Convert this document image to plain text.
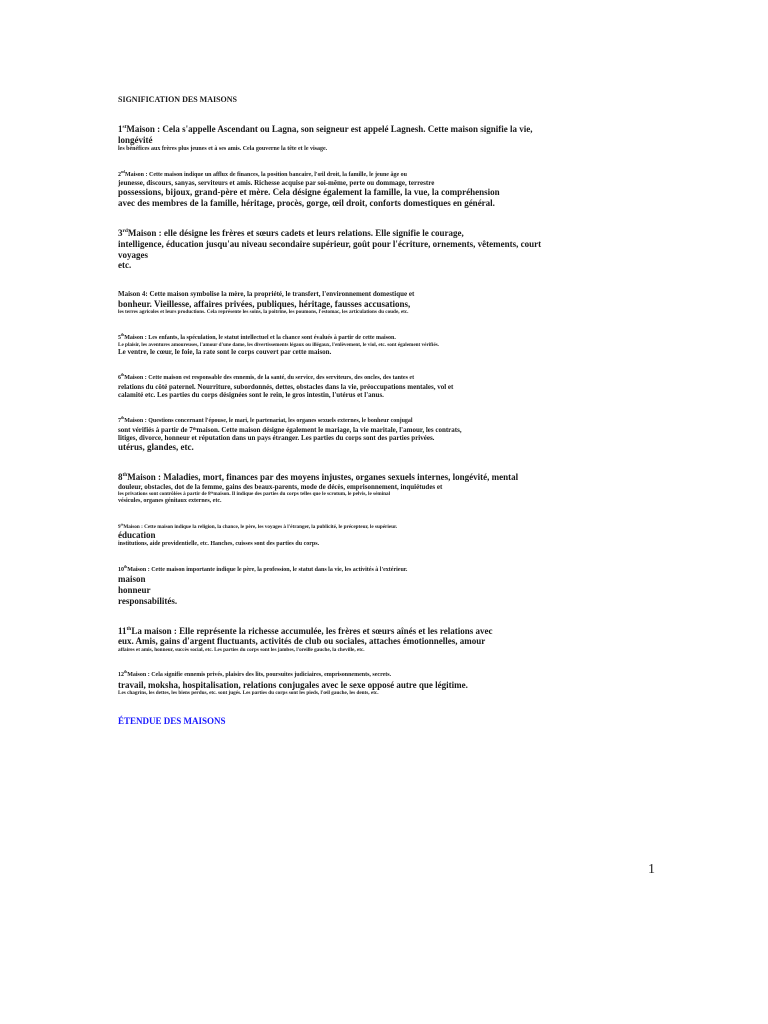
SIGNIFICATION DES MAISONS
1stMaison : Cela s'appelle Ascendant ou Lagna, son seigneur est appelé Lagnesh. Cette maison signifie la vie,
longévité
les bénéfices aux frères plus jeunes et à ses amis. Cela gouverne la tête et le visage.
2ndMaison : Cette maison indique un afflux de finances, la position bancaire, l'œil droit, la famille, le jeune âge ou
jeunesse, discours, sanyas, serviteurs et amis. Richesse acquise par soi-même, perte ou dommage, terrestre
possessions, bijoux, grand-père et mère. Cela désigne également la famille, la vue, la compréhension
avec des membres de la famille, héritage, procès, gorge, œil droit, conforts domestiques en général.
3rdMaison : elle désigne les frères et sœurs cadets et leurs relations. Elle signifie le courage,
intelligence, éducation jusqu'au niveau secondaire supérieur, goût pour l'écriture, ornements, vêtements, court
voyages
etc.
Maison 4: Cette maison symbolise la mère, la propriété, le transfert, l'environnement domestique et
bonheur. Vieillesse, affaires privées, publiques, héritage, fausses accusations,
les terres agricoles et leurs productions. Cela représente les soins, la poitrine, les poumons, l'estomac, les articulations du coude, etc.
5thMaison : Les enfants, la spéculation, le statut intellectuel et la chance sont évalués à partir de cette maison.
Le plaisir, les aventures amoureuses, l'amour d'une dame, les divertissements légaux ou illégaux, l'enlèvement, le viol, etc. sont également vérifiés.
Le ventre, le cœur, le foie, la rate sont le corps couvert par cette maison.
6thMaison : Cette maison est responsable des ennemis, de la santé, du service, des serviteurs, des oncles, des tantes et
relations du côté paternel. Nourriture, subordonnés, dettes, obstacles dans la vie, préoccupations mentales, vol et
calamité etc. Les parties du corps désignées sont le rein, le gros intestin, l'utérus et l'anus.
7thMaison : Questions concernant l'épouse, le mari, le partenariat, les organes sexuels externes, le bonheur conjugal
sont vérifiés à partir de 7ᵗʰmaison. Cette maison désigne également le mariage, la vie maritale, l'amour, les contrats,
litiges, divorce, honneur et réputation dans un pays étranger. Les parties du corps sont des parties privées.
utérus, glandes, etc.
8thMaison : Maladies, mort, finances par des moyens injustes, organes sexuels internes, longévité, mental
douleur, obstacles, dot de la femme, gains des beaux-parents, mode de décès, emprisonnement, inquiétudes et
les privations sont contrôlées à partir de 8ᵗʰmaison. Il indique des parties du corps telles que le scrotum, le pelvis, le séminal
vésicules, organes génitaux externes, etc.
9thMaison : Cette maison indique la religion, la chance, le père, les voyages à l'étranger, la publicité, le précepteur, le supérieur.
éducation
institutions, aide providentielle, etc. Hanches, cuisses sont des parties du corps.
10thMaison : Cette maison importante indique le père, la profession, le statut dans la vie, les activités à l'extérieur.
maison
honneur
responsabilités.
11thLa maison : Elle représente la richesse accumulée, les frères et sœurs aînés et les relations avec
eux. Amis, gains d'argent fluctuants, activités de club ou sociales, attaches émotionnelles, amour
affaires et amis, honneur, succès social, etc. Les parties du corps sont les jambes, l'oreille gauche, la cheville, etc.
12thMaison : Cela signifie ennemis privés, plaisirs des lits, poursuites judiciaires, emprisonnements, secrets.
travail, moksha, hospitalisation, relations conjugales avec le sexe opposé autre que légitime.
Les chagrins, les dettes, les biens perdus, etc. sont jugés. Les parties du corps sont les pieds, l'œil gauche, les dents, etc.
ÉTENDUE DES MAISONS
1
